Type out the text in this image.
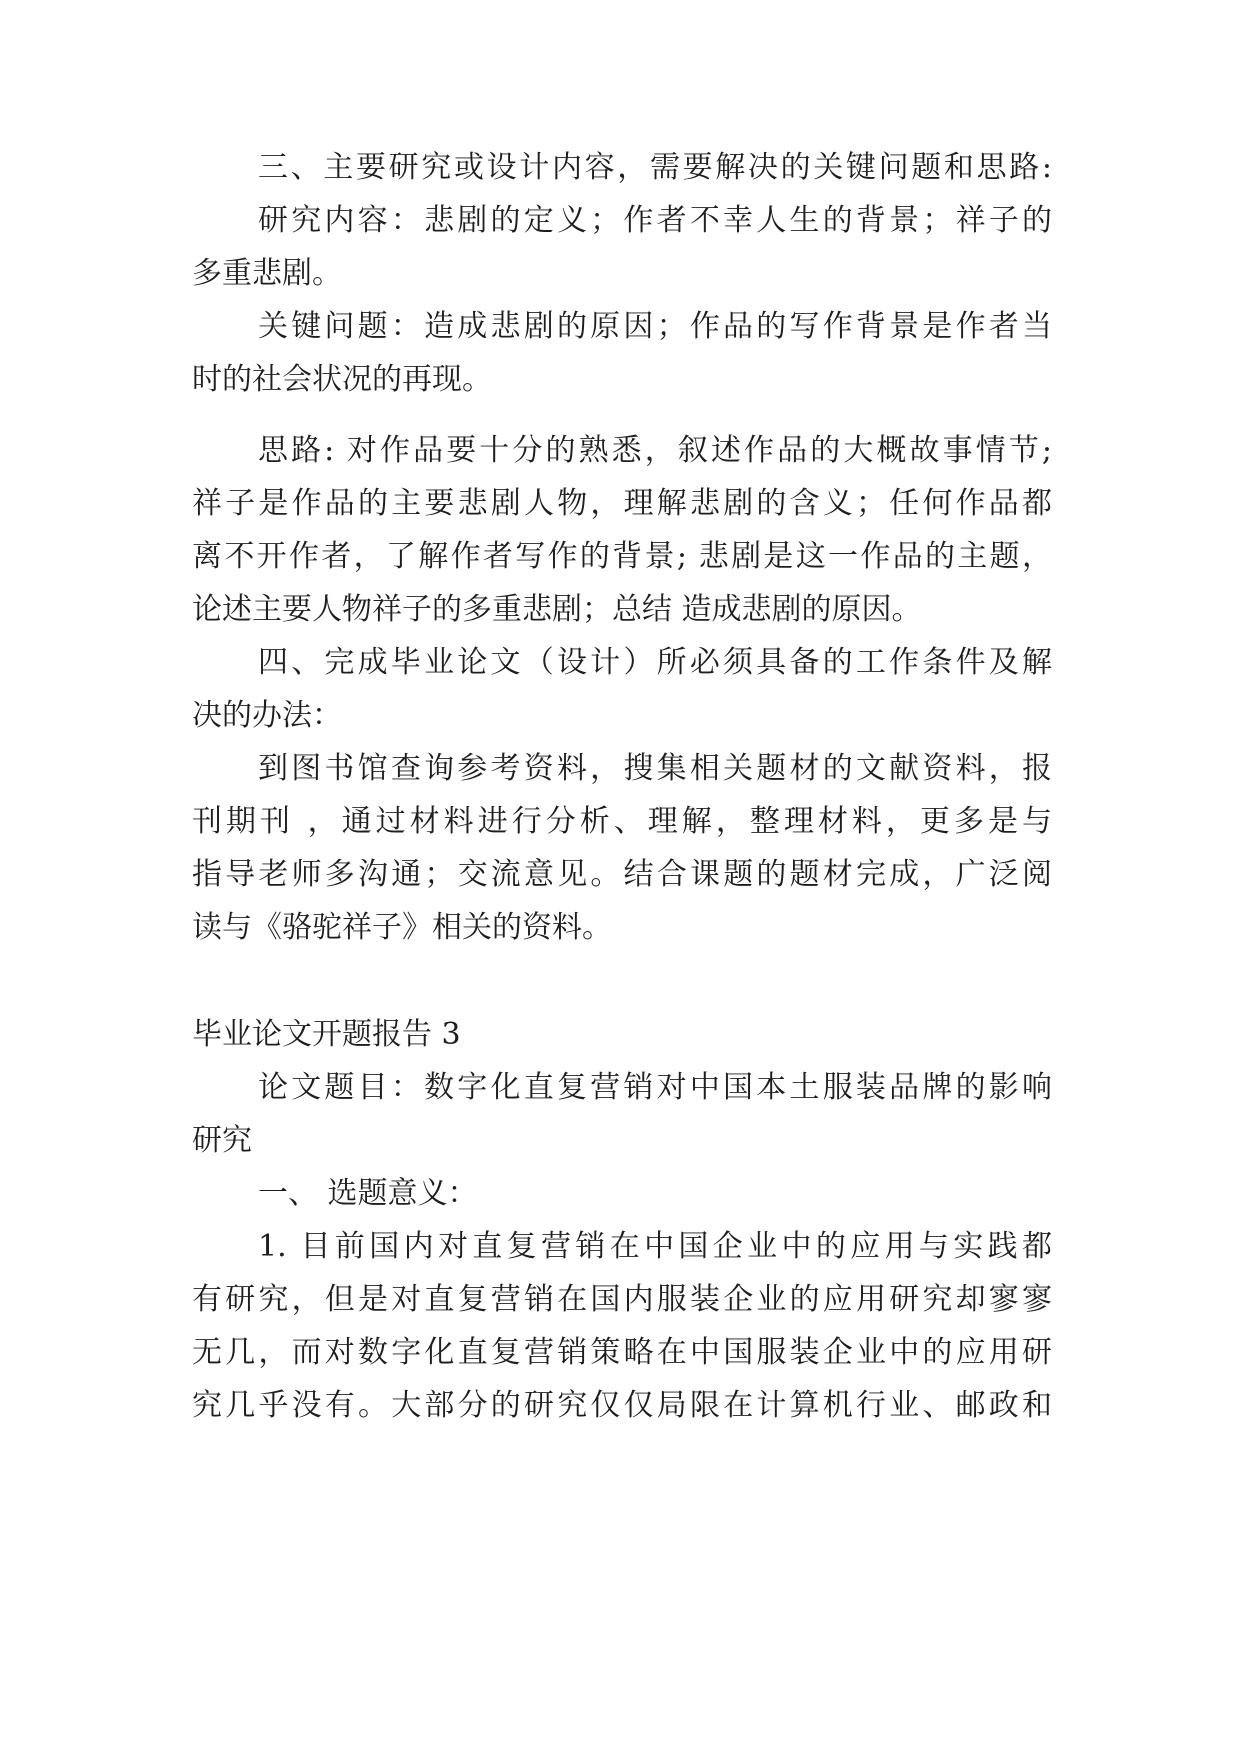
三、主要研究或设计内容，需要解决的关键问题和思路:
研究内容：悲剧的定义；作者不幸人生的背景；祥子的
多重悲剧。
关键问题：造成悲剧的原因；作品的写作背景是作者当
时的社会状况的再现。
思路: 对作品要十分的熟悉，叙述作品的大概故事情节;
祥子是作品的主要悲剧人物，理解悲剧的含义；任何作品都
离不开作者，了解作者写作的背景; 悲剧是这一作品的主题，
论述主要人物祥子的多重悲剧；总结 造成悲剧的原因。
四、完成毕业论文（设计）所必须具备的工作条件及解
决的办法：
到图书馆查询参考资料，搜集相关题材的文献资料，报
刊期刊 ，通过材料进行分析、理解，整理材料，更多是与
指导老师多沟通；交流意见。结合课题的题材完成，广泛阅
读与《骆驼祥子》相关的资料。
毕业论文开题报告 3
论文题目：数字化直复营销对中国本土服装品牌的影响
研究
一、 选题意义：
1. 目前国内对直复营销在中国企业中的应用与实践都
有研究，但是对直复营销在国内服装企业的应用研究却寥寥
无几，而对数字化直复营销策略在中国服装企业中的应用研
究几乎没有。大部分的研究仅仅局限在计算机行业、邮政和
